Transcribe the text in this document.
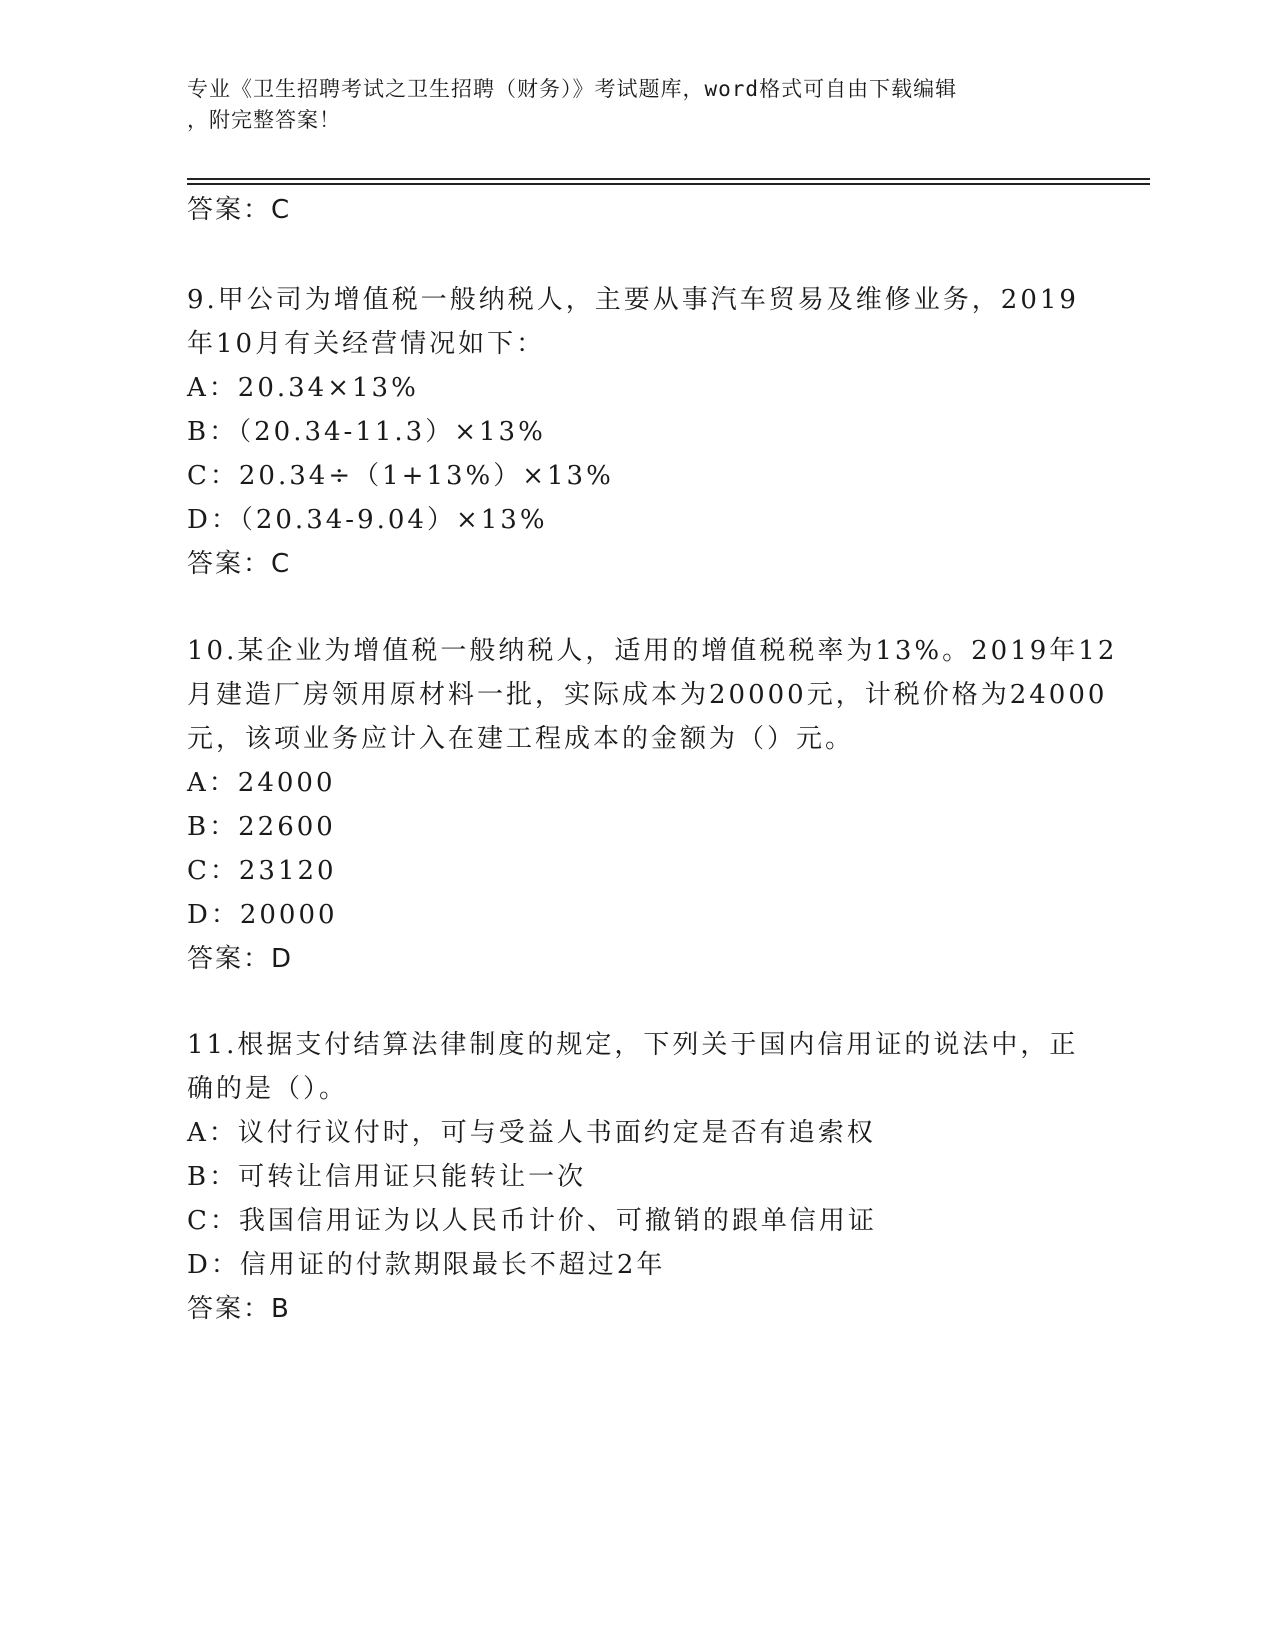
专业《卫生招聘考试之卫生招聘（财务）》考试题库，word格式可自由下载编辑
，附完整答案！
答案：C
9.甲公司为增值税一般纳税人，主要从事汽车贸易及维修业务，2019
年10月有关经营情况如下：
A：20.34×13%
B：（20.34-11.3）×13%
C：20.34÷（1+13%）×13%
D：（20.34-9.04）×13%
答案：C
10.某企业为增值税一般纳税人，适用的增值税税率为13%。2019年12
月建造厂房领用原材料一批，实际成本为20000元，计税价格为24000
元，该项业务应计入在建工程成本的金额为（）元。
A：24000
B：22600
C：23120
D：20000
答案：D
11.根据支付结算法律制度的规定，下列关于国内信用证的说法中，正
确的是（）。
A：议付行议付时，可与受益人书面约定是否有追索权
B：可转让信用证只能转让一次
C：我国信用证为以人民币计价、可撤销的跟单信用证
D：信用证的付款期限最长不超过2年
答案：B
